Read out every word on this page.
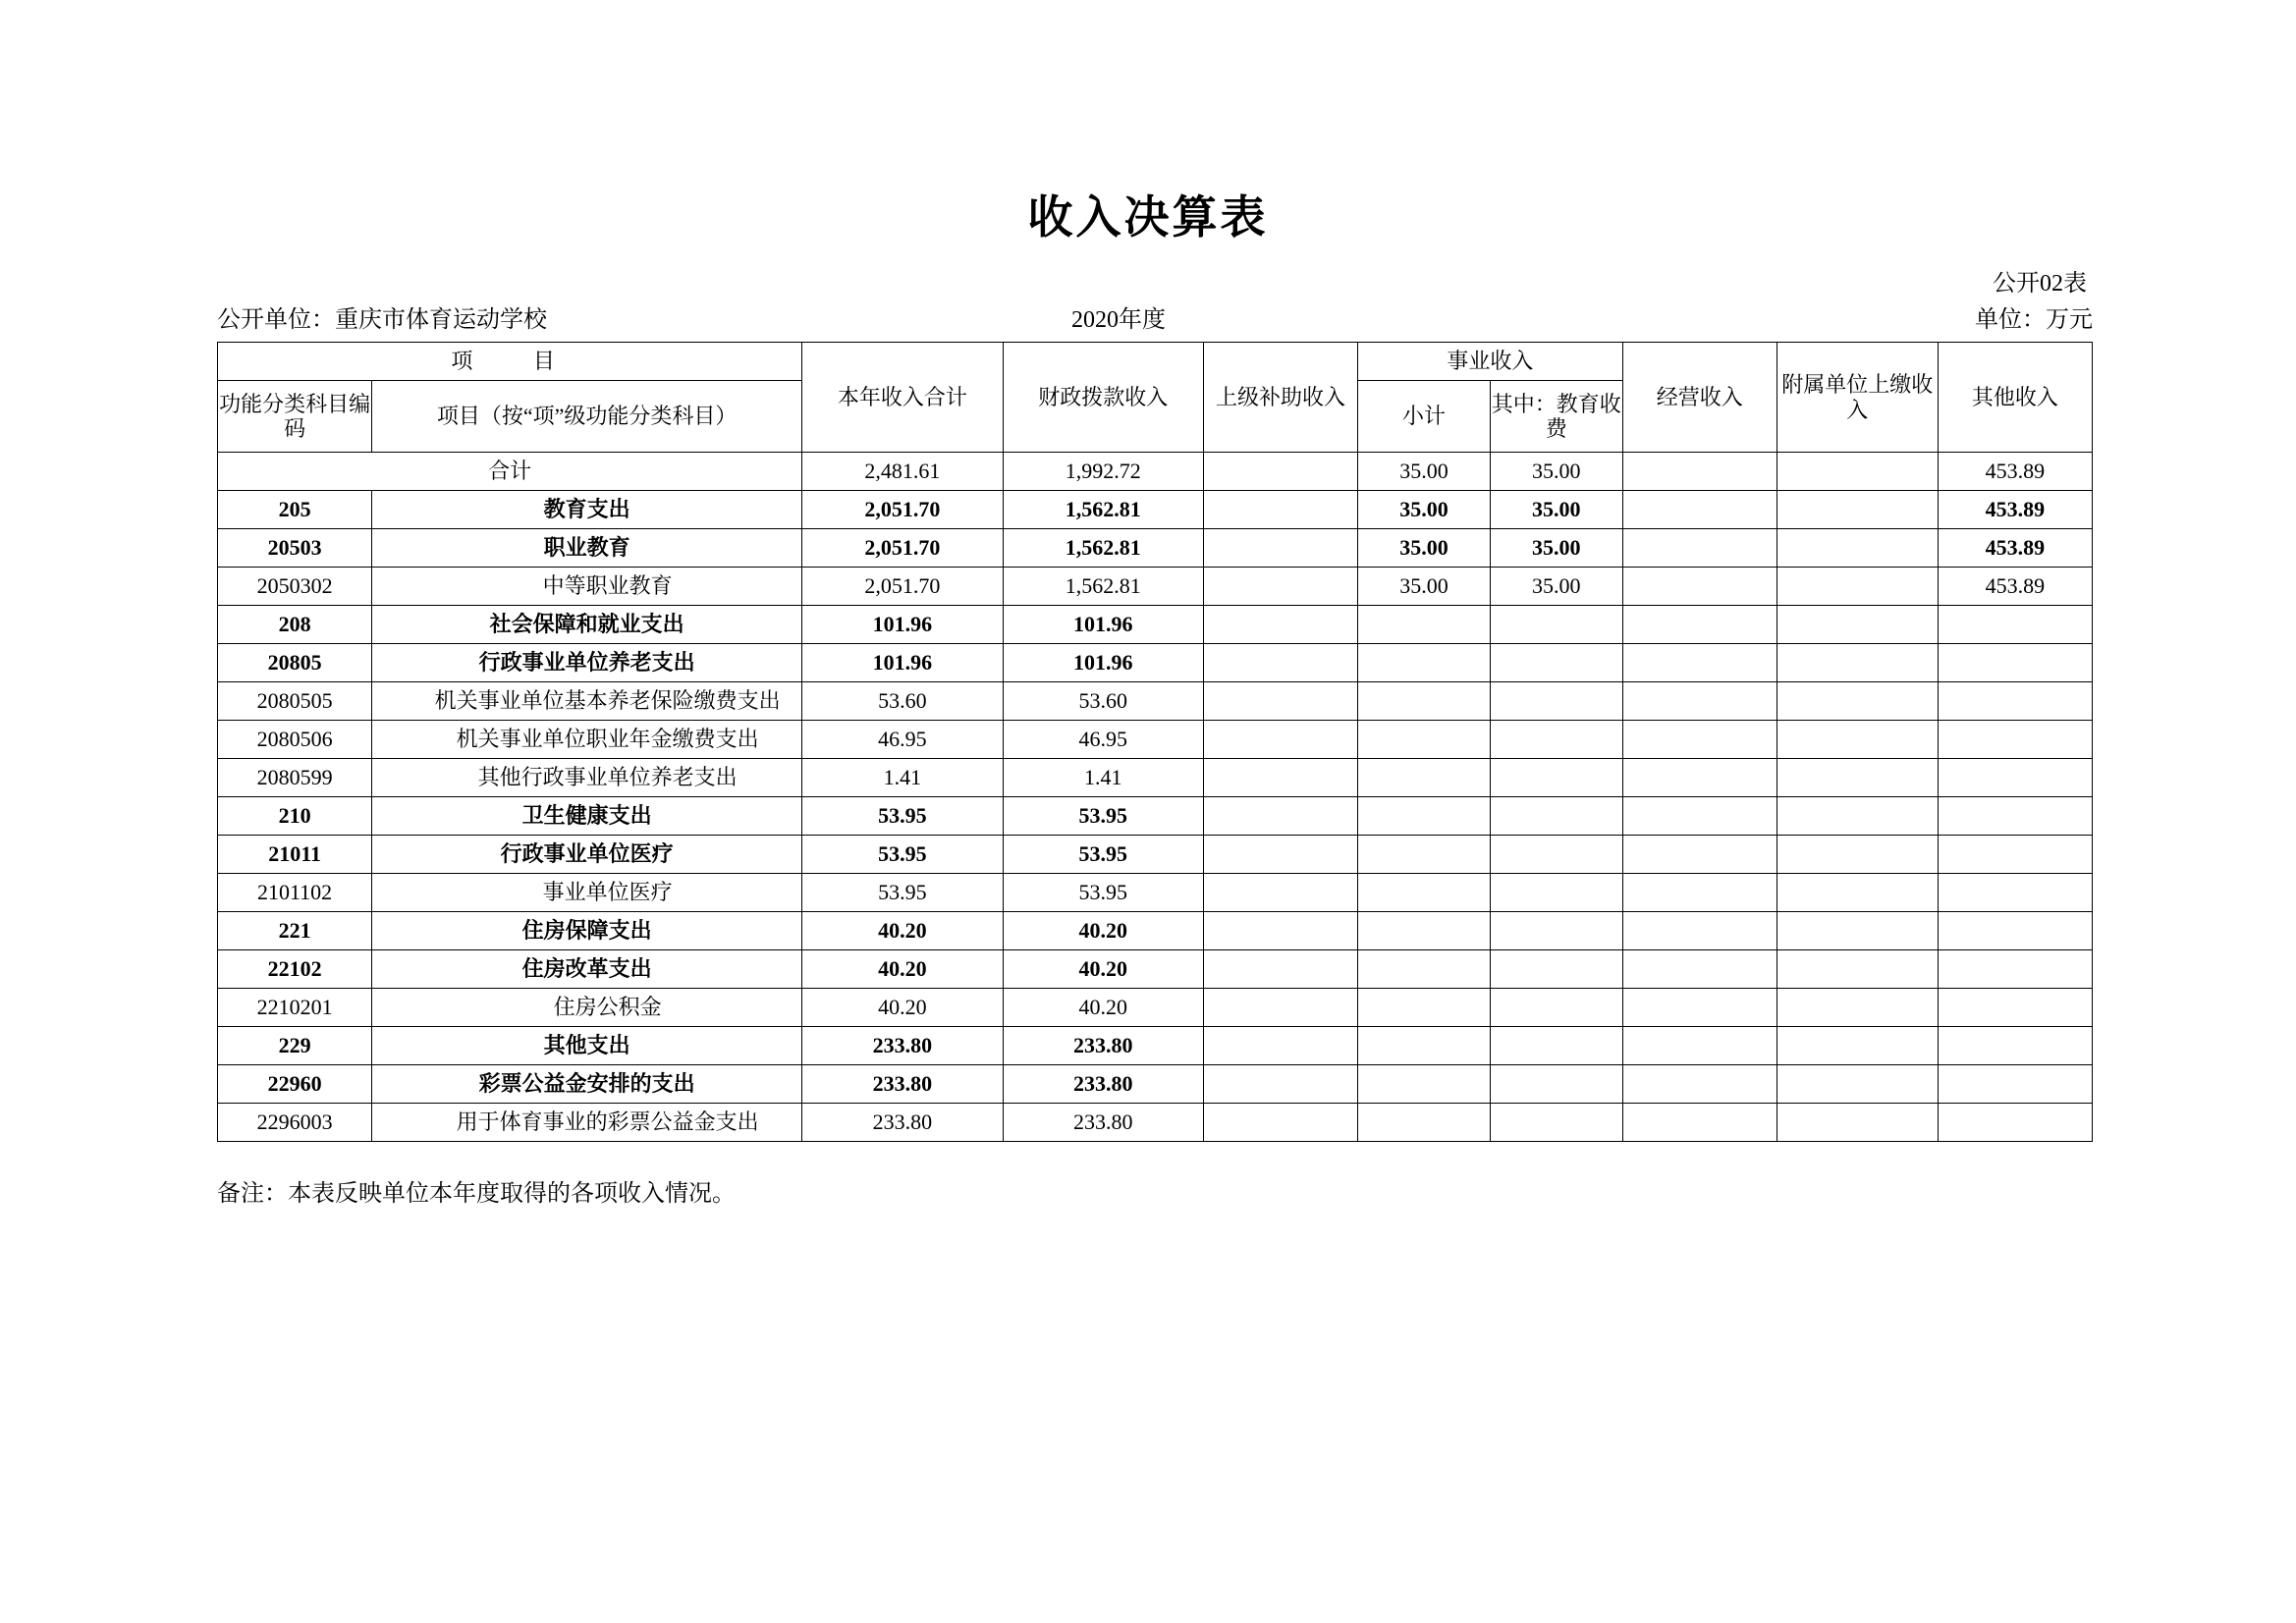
收入决算表
公开02表
公开单位：重庆市体育运动学校	2020年度	单位：万元
项 目		本年收入合计	财政拨款收入	上级补助收入	事业收入		经营收入	附属单位上缴收入	其他收入
功能分类科目编码	项目（按“项”级功能分类科目）				小计	其中：教育收费			

合计		2,481.61	1,992.72		35.00	35.00			453.89
205	教育支出	2,051.70	1,562.81		35.00	35.00			453.89
20503	职业教育	2,051.70	1,562.81		35.00	35.00			453.89
2050302	中等职业教育	2,051.70	1,562.81		35.00	35.00			453.89
208	社会保障和就业支出	101.96	101.96						
20805	行政事业单位养老支出	101.96	101.96						
2080505	机关事业单位基本养老保险缴费支出	53.60	53.60						
2080506	机关事业单位职业年金缴费支出	46.95	46.95						
2080599	其他行政事业单位养老支出	1.41	1.41						
210	卫生健康支出	53.95	53.95						
21011	行政事业单位医疗	53.95	53.95						
2101102	事业单位医疗	53.95	53.95						
221	住房保障支出	40.20	40.20						
22102	住房改革支出	40.20	40.20						
2210201	住房公积金	40.20	40.20						
229	其他支出	233.80	233.80						
22960	彩票公益金安排的支出	233.80	233.80						
2296003	用于体育事业的彩票公益金支出	233.80	233.80						
备注：本表反映单位本年度取得的各项收入情况。
